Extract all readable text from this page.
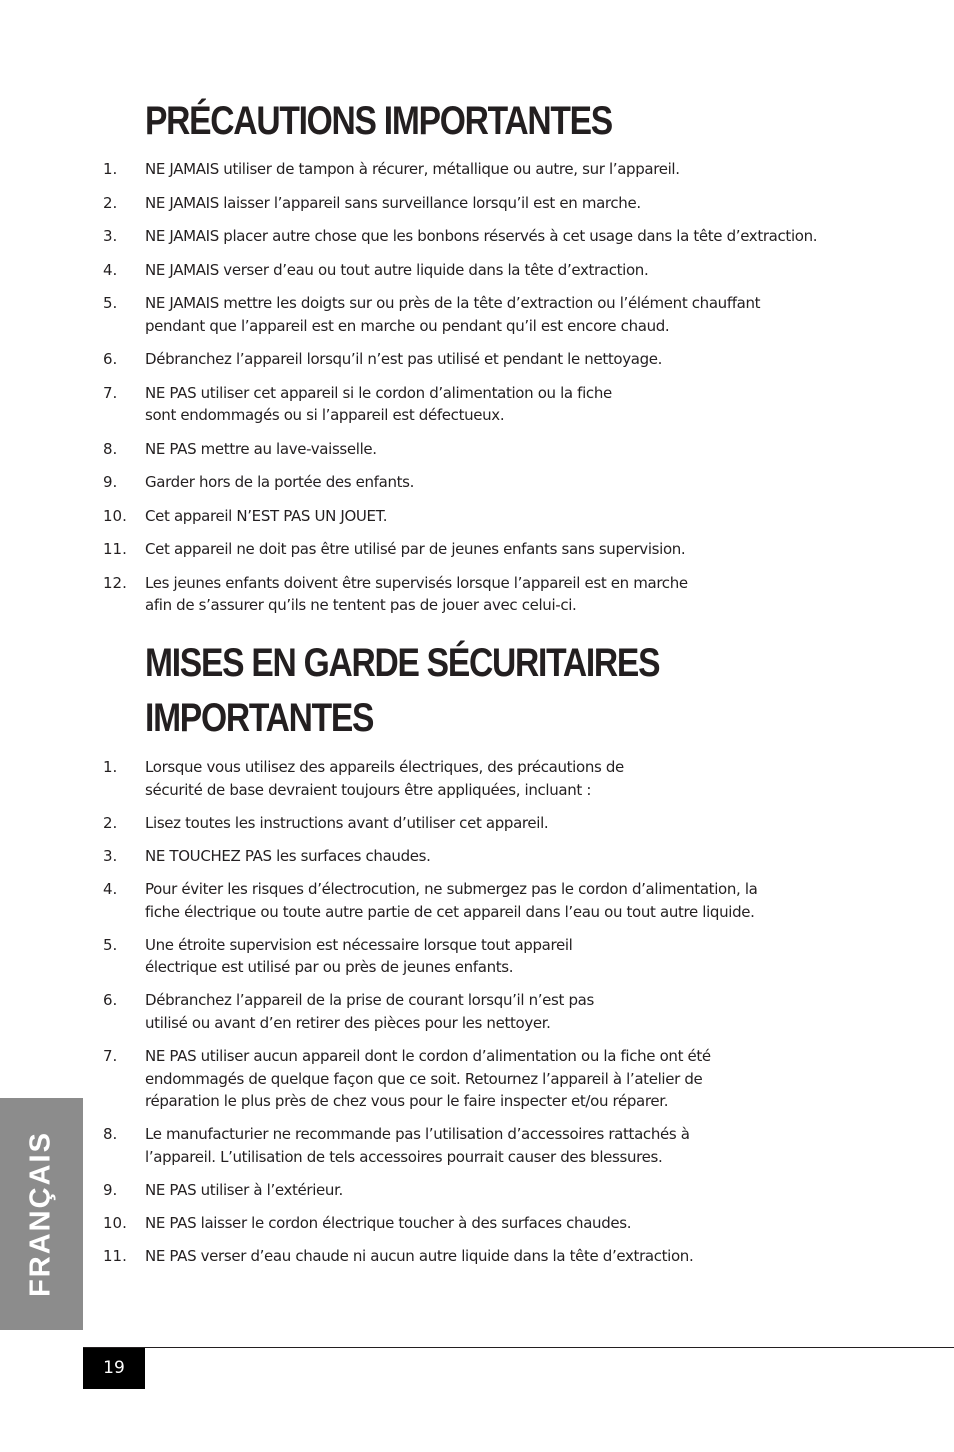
PRÉCAUTIONS IMPORTANTES
1. NE JAMAIS utiliser de tampon à récurer, métallique ou autre, sur l’appareil.
2. NE JAMAIS laisser l’appareil sans surveillance lorsqu’il est en marche.
3. NE JAMAIS placer autre chose que les bonbons réservés à cet usage dans la tête d’extraction.
4. NE JAMAIS verser d’eau ou tout autre liquide dans la tête d’extraction.
5. NE JAMAIS mettre les doigts sur ou près de la tête d’extraction ou l’élément chauffant
pendant que l’appareil est en marche ou pendant qu’il est encore chaud.
6. Débranchez l’appareil lorsqu’il n’est pas utilisé et pendant le nettoyage.
7. NE PAS utiliser cet appareil si le cordon d’alimentation ou la fiche
sont endommagés ou si l’appareil est défectueux.
8. NE PAS mettre au lave-vaisselle.
9. Garder hors de la portée des enfants.
10. Cet appareil N’EST PAS UN JOUET.
11. Cet appareil ne doit pas être utilisé par de jeunes enfants sans supervision.
12. Les jeunes enfants doivent être supervisés lorsque l’appareil est en marche
afin de s’assurer qu’ils ne tentent pas de jouer avec celui-ci.
MISES EN GARDE SÉCURITAIRES
IMPORTANTES
1. Lorsque vous utilisez des appareils électriques, des précautions de
sécurité de base devraient toujours être appliquées, incluant :
2. Lisez toutes les instructions avant d’utiliser cet appareil.
3. NE TOUCHEZ PAS les surfaces chaudes.
4. Pour éviter les risques d’électrocution, ne submergez pas le cordon d’alimentation, la
fiche électrique ou toute autre partie de cet appareil dans l’eau ou tout autre liquide.
5. Une étroite supervision est nécessaire lorsque tout appareil
électrique est utilisé par ou près de jeunes enfants.
6. Débranchez l’appareil de la prise de courant lorsqu’il n’est pas
utilisé ou avant d’en retirer des pièces pour les nettoyer.
7. NE PAS utiliser aucun appareil dont le cordon d’alimentation ou la fiche ont été
endommagés de quelque façon que ce soit. Retournez l’appareil à l’atelier de
réparation le plus près de chez vous pour le faire inspecter et/ou réparer.
8. Le manufacturier ne recommande pas l’utilisation d’accessoires rattachés à
l’appareil. L’utilisation de tels accessoires pourrait causer des blessures.
9. NE PAS utiliser à l’extérieur.
10. NE PAS laisser le cordon électrique toucher à des surfaces chaudes.
11. NE PAS verser d’eau chaude ni aucun autre liquide dans la tête d’extraction.
FRANÇAIS
19
